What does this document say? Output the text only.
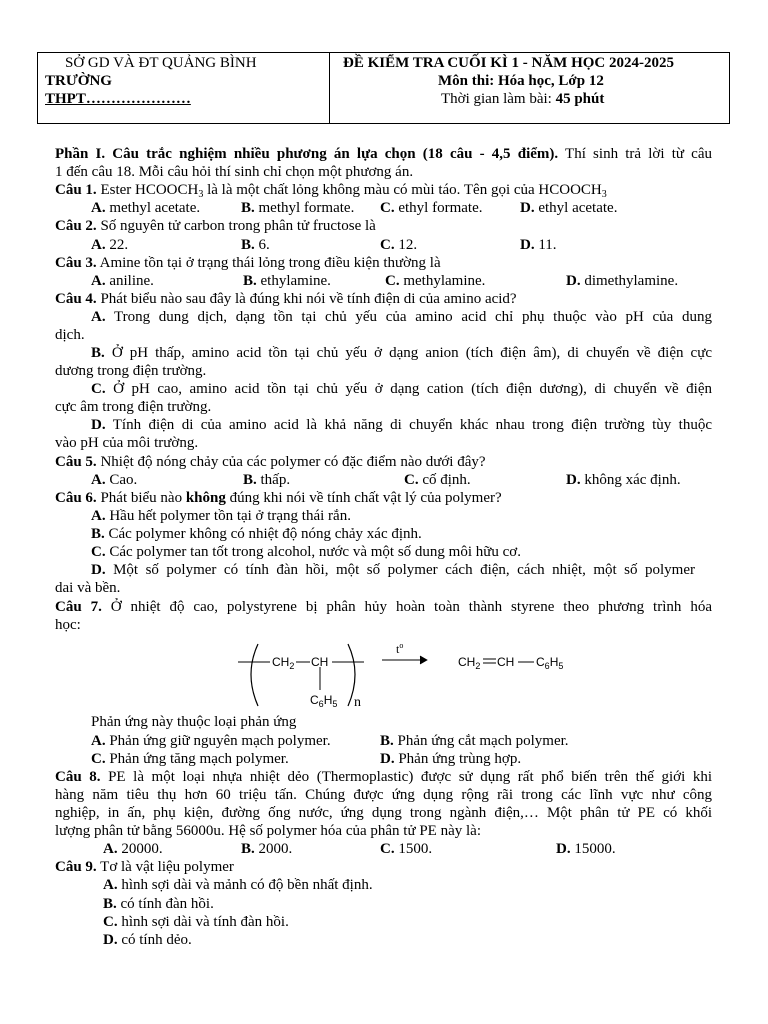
SỞ GD VÀ ĐT QUẢNG BÌNH
TRƯỜNG
THPT…………………
ĐỀ KIỂM TRA CUỐI KÌ 1 - NĂM HỌC 2024-2025
Môn thi: Hóa học, Lớp 12
Thời gian làm bài: 45 phút
Phần I. Câu trắc nghiệm nhiều phương án lựa chọn (18 câu - 4,5 điểm). Thí sinh trả lời từ câu
1 đến câu 18. Mỗi câu hỏi thí sinh chỉ chọn một phương án.
Câu 1. Ester $HCOOCH_3$ là là một chất lỏng không màu có mùi táo. Tên gọi của $HCOOCH_3$
A. methyl acetate.	B. methyl formate. C. ethyl formate.	D. ethyl acetate.
Câu 2. Số nguyên tử carbon trong phân tử fructose là
A. 22.	B. 6.	C. 12.	D. 11.
Câu 3. Amine tồn tại ở trạng thái lỏng trong điều kiện thường là
A. aniline.	B. ethylamine.	C. methylamine.	D. dimethylamine.
Câu 4. Phát biểu nào sau đây là đúng khi nói về tính điện di của amino acid?
A. Trong dung dịch, dạng tồn tại chủ yếu của amino acid chỉ phụ thuộc vào pH của dung
dịch.
B. Ở pH thấp, amino acid tồn tại chủ yếu ở dạng anion (tích điện âm), di chuyển về điện cực
dương trong điện trường.
C. Ở pH cao, amino acid tồn tại chủ yếu ở dạng cation (tích điện dương), di chuyển về điện
cực âm trong điện trường.
D. Tính điện di của amino acid là khả năng di chuyển khác nhau trong điện trường tùy thuộc
vào pH của môi trường.
Câu 5. Nhiệt độ nóng chảy của các polymer có đặc điểm nào dưới đây?
A. Cao.	B. thấp.	C. cố định.	D. không xác định.
Câu 6. Phát biểu nào không đúng khi nói về tính chất vật lý của polymer?
A. Hầu hết polymer tồn tại ở trạng thái rắn.
B. Các polymer không có nhiệt độ nóng chảy xác định.
C. Các polymer tan tốt trong alcohol, nước và một số dung môi hữu cơ.
D. Một số polymer có tính đàn hồi, một số polymer cách điện, cách nhiệt, một số polymer
dai và bền.
Câu 7. Ở nhiệt độ cao, polystyrene bị phân hủy hoàn toàn thành styrene theo phương trình hóa
học:
$CH_2$ CH
$C_6H_5$ n
$t^o$
$CH_2$ CH $C_6H_5$
Phản ứng này thuộc loại phản ứng
A. Phản ứng giữ nguyên mạch polymer.	B. Phản ứng cắt mạch polymer.
C. Phản ứng tăng mạch polymer.	D. Phản ứng trùng hợp.
Câu 8. PE là một loại nhựa nhiệt dẻo (Thermoplastic) được sử dụng rất phổ biến trên thế giới khi
hàng năm tiêu thụ hơn 60 triệu tấn. Chúng được ứng dụng rộng rãi trong các lĩnh vực như công
nghiệp, in ấn, phụ kiện, đường ống nước, ứng dụng trong ngành điện,… Một phân tử PE có khối
lượng phân tử bằng 56000u. Hệ số polymer hóa của phân tử PE này là:
A. 20000.	B. 2000.	C. 1500.	D. 15000.
Câu 9. Tơ là vật liệu polymer
A. hình sợi dài và mảnh có độ bền nhất định.
B. có tính đàn hồi.
C. hình sợi dài và tính đàn hồi.
D. có tính dẻo.
